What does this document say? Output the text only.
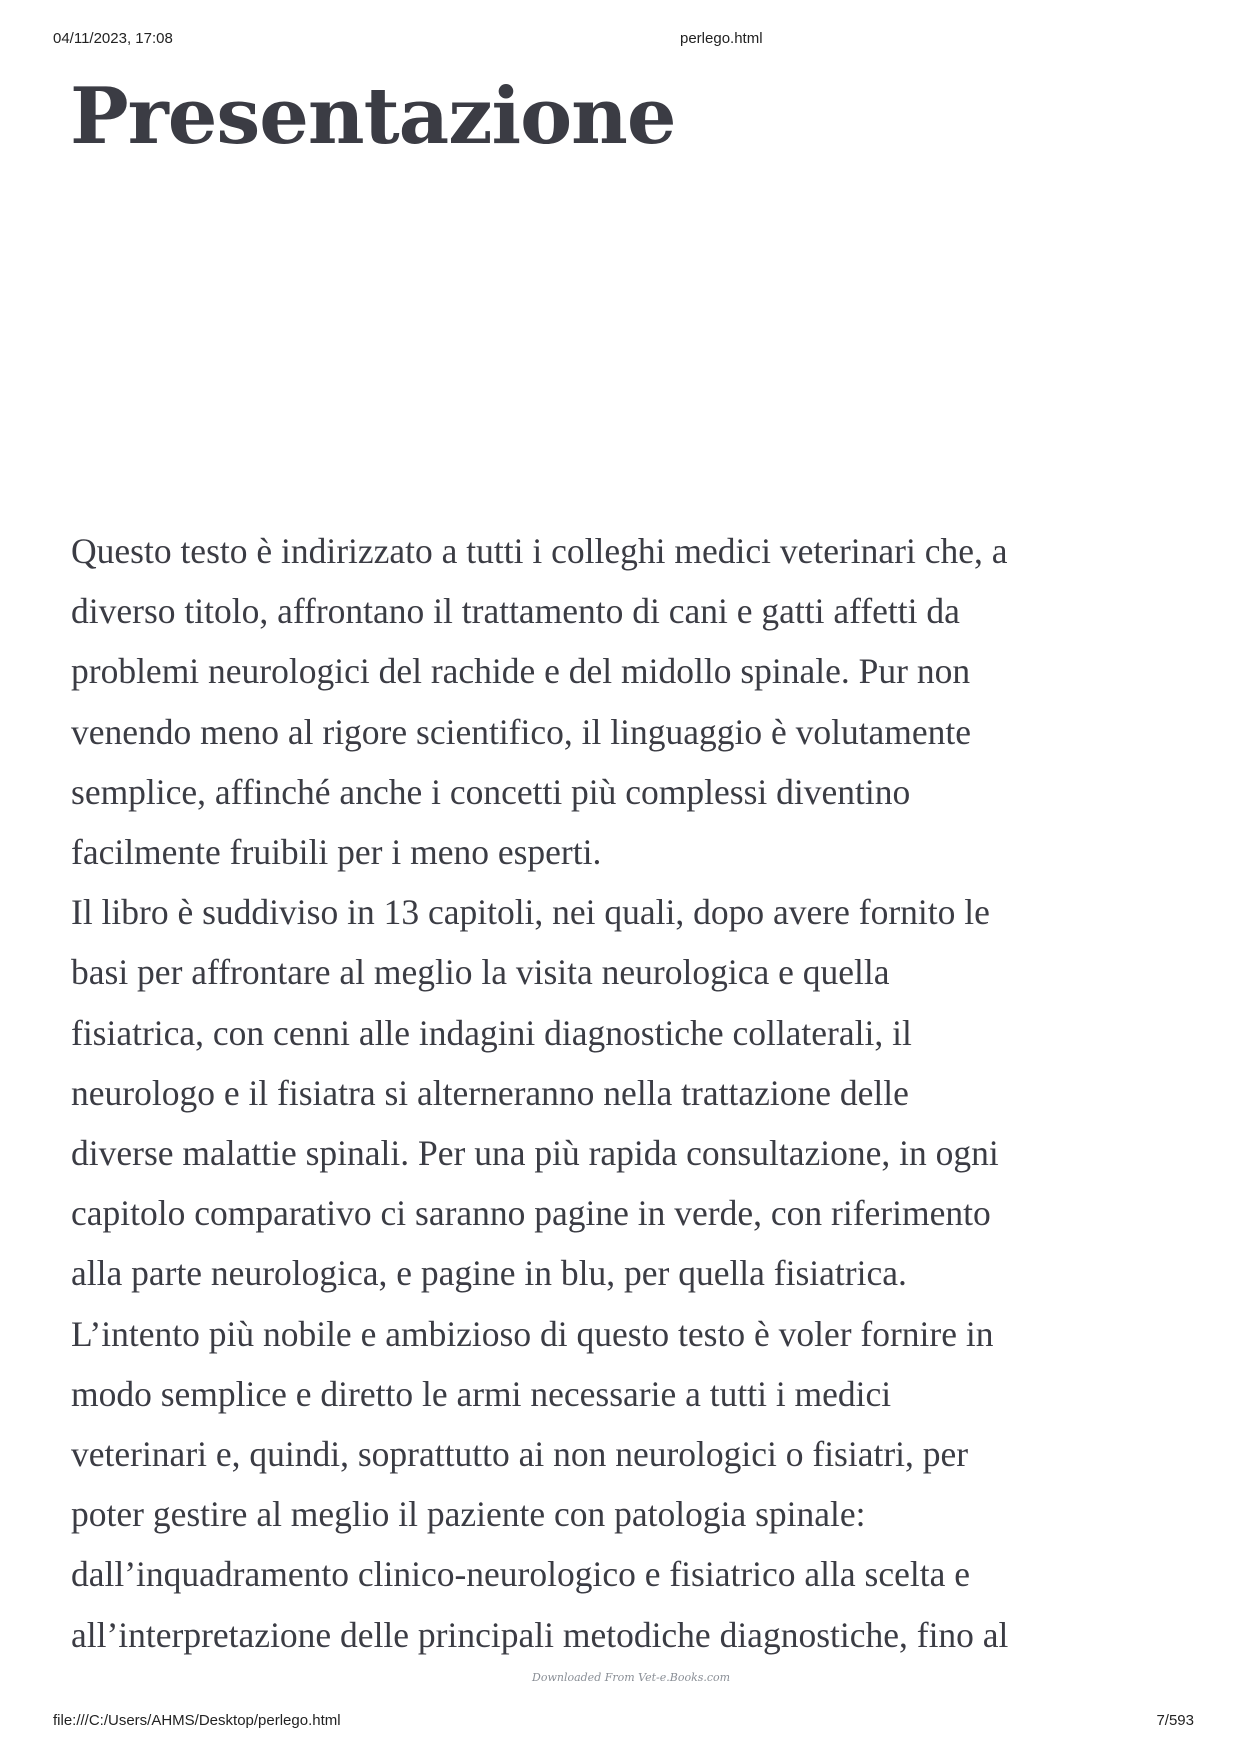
04/11/2023, 17:08	perlego.html
Presentazione
Questo testo è indirizzato a tutti i colleghi medici veterinari che, a
diverso titolo, affrontano il trattamento di cani e gatti affetti da
problemi neurologici del rachide e del midollo spinale. Pur non
venendo meno al rigore scientifico, il linguaggio è volutamente
semplice, affinché anche i concetti più complessi diventino
facilmente fruibili per i meno esperti.
Il libro è suddiviso in 13 capitoli, nei quali, dopo avere fornito le
basi per affrontare al meglio la visita neurologica e quella
fisiatrica, con cenni alle indagini diagnostiche collaterali, il
neurologo e il fisiatra si alterneranno nella trattazione delle
diverse malattie spinali. Per una più rapida consultazione, in ogni
capitolo comparativo ci saranno pagine in verde, con riferimento
alla parte neurologica, e pagine in blu, per quella fisiatrica.
L’intento più nobile e ambizioso di questo testo è voler fornire in
modo semplice e diretto le armi necessarie a tutti i medici
veterinari e, quindi, soprattutto ai non neurologici o fisiatri, per
poter gestire al meglio il paziente con patologia spinale:
dall’inquadramento clinico-neurologico e fisiatrico alla scelta e
all’interpretazione delle principali metodiche diagnostiche, fino al
Downloaded From Vet-e.Books.com
file:///C:/Users/AHMS/Desktop/perlego.html	7/593
